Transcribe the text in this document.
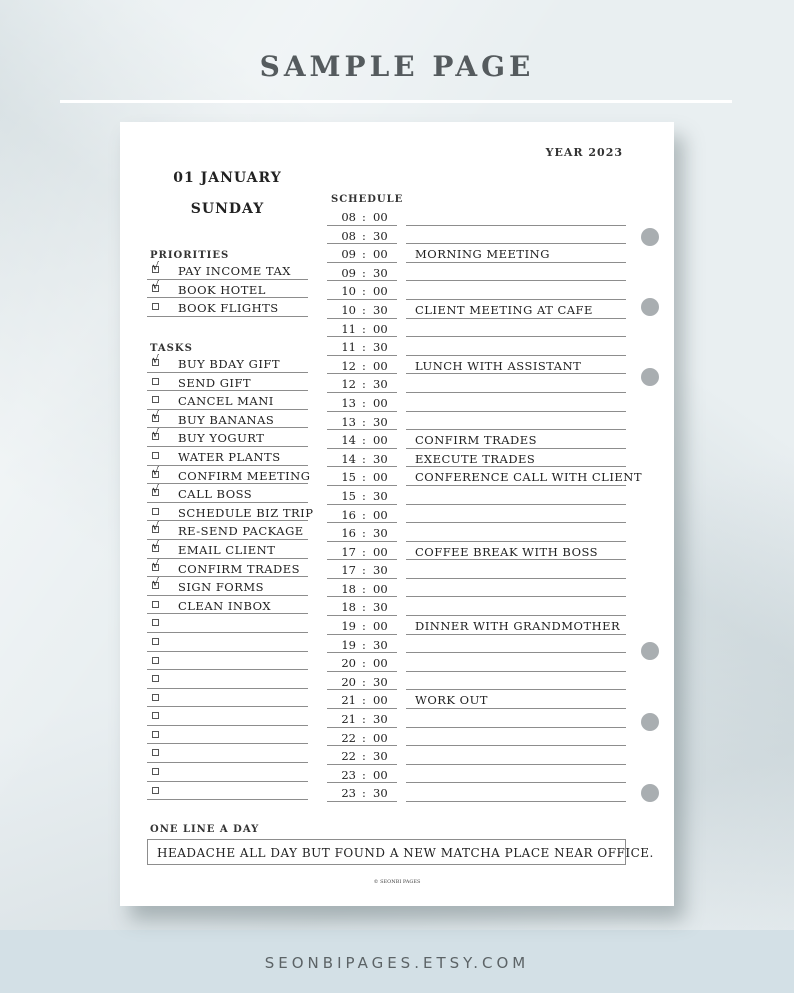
SAMPLE PAGE
YEAR 2023
01 JANUARY
SUNDAY
PRIORITIES
√ PAY INCOME TAX
√ BOOK HOTEL
BOOK FLIGHTS
TASKS
√ BUY BDAY GIFT
SEND GIFT
CANCEL MANI
√ BUY BANANAS
√ BUY YOGURT
WATER PLANTS
√ CONFIRM MEETING
√ CALL BOSS
SCHEDULE BIZ TRIP
√ RE-SEND PACKAGE
√ EMAIL CLIENT
√ CONFIRM TRADES
√ SIGN FORMS
CLEAN INBOX
SCHEDULE
08 : 00
08 : 30
09 : 00
09 : 30
10 : 00
10 : 30
11 : 00
11 : 30
12 : 00
12 : 30
13 : 00
13 : 30
14 : 00
14 : 30
15 : 00
15 : 30
16 : 00
16 : 30
17 : 00
17 : 30
18 : 00
18 : 30
19 : 00
19 : 30
20 : 00
20 : 30
21 : 00
21 : 30
22 : 00
22 : 30
23 : 00
23 : 30
MORNING MEETING
CLIENT MEETING AT CAFE
LUNCH WITH ASSISTANT
CONFIRM TRADES
EXECUTE TRADES
CONFERENCE CALL WITH CLIENT
COFFEE BREAK WITH BOSS
DINNER WITH GRANDMOTHER
WORK OUT
ONE LINE A DAY
HEADACHE ALL DAY BUT FOUND A NEW MATCHA PLACE NEAR OFFICE.
© SEONBI PAGES
SEONBIPAGES.ETSY.COM
